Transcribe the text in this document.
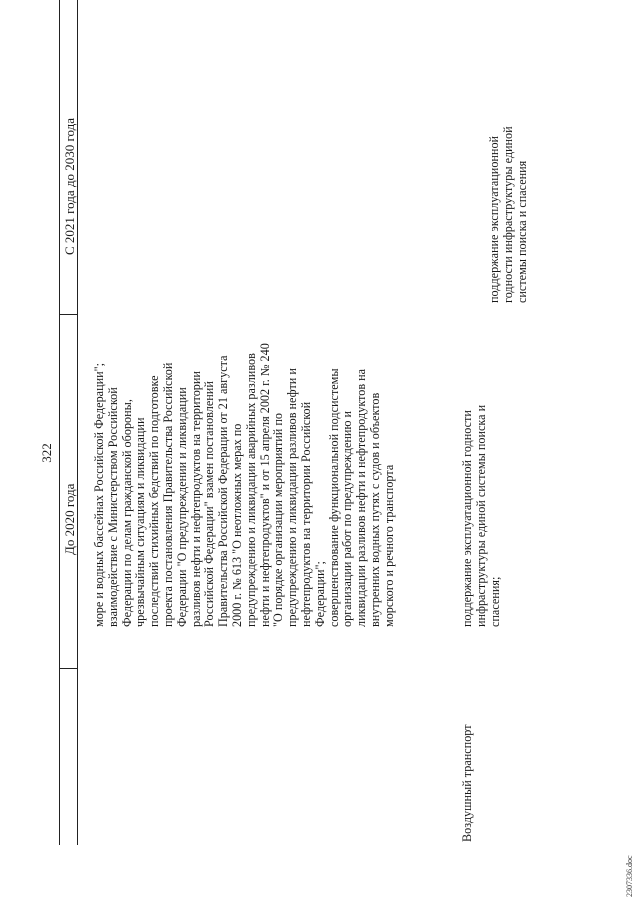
322
До 2020 года
С 2021 года до 2030 года
море и водных бассейнах Российской Федерации"; взаимодействие с Министерством Российской Федерации по делам гражданской обороны, чрезвычайным ситуациям и ликвидации последствий стихийных бедствий по подготовке проекта постановления Правительства Российской Федерации "О предупреждении и ликвидации разливов нефти и нефтепродуктов на территории Российской Федерации" взамен постановлений Правительства Российской Федерации от 21 августа 2000 г. № 613 "О неотложных мерах по предупреждению и ликвидации аварийных разливов нефти и нефтепродуктов" и от 15 апреля 2002 г. № 240 "О порядке организации мероприятий по предупреждению и ликвидации разливов нефти и нефтепродуктов на территории Российской Федерации"; совершенствование функциональной подсистемы организации работ по предупреждению и ликвидации разливов нефти и нефтепродуктов на внутренних водных путях с судов и объектов морского и речного транспорта
Воздушный транспорт
поддержание эксплуатационной годности инфраструктуры единой системы поиска и спасения;
поддержание эксплуатационной годности инфраструктуры единой системы поиска и спасения
2307336.doc
